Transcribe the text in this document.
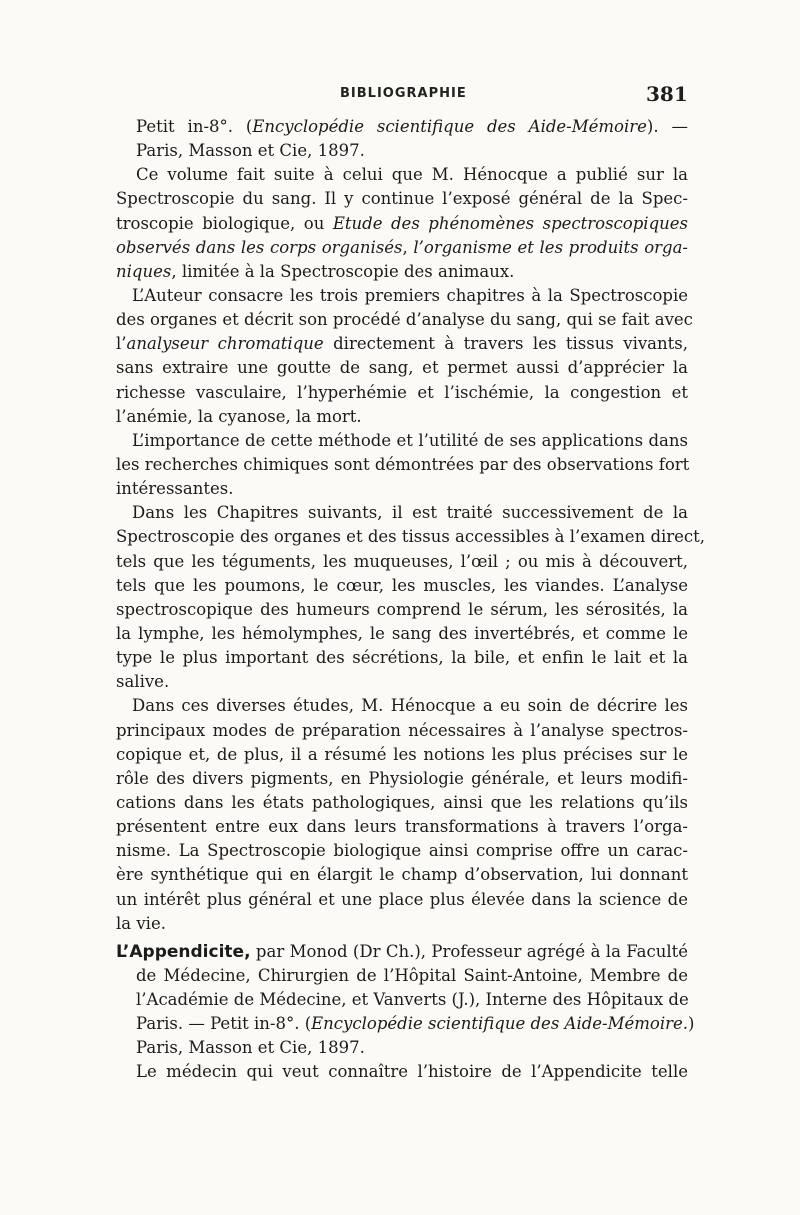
BIBLIOGRAPHIE	381
Petit in-8°. (Encyclopédie scientifique des Aide-Mémoire). —
Paris, Masson et Cie, 1897.
Ce volume fait suite à celui que M. Hénocque a publié sur la
Spectroscopie du sang. Il y continue l’exposé général de la Spec-
troscopie biologique, ou Etude des phénomènes spectroscopiques
observés dans les corps organisés, l’organisme et les produits orga-
niques, limitée à la Spectroscopie des animaux.
L’Auteur consacre les trois premiers chapitres à la Spectroscopie
des organes et décrit son procédé d’analyse du sang, qui se fait avec
l’analyseur chromatique directement à travers les tissus vivants,
sans extraire une goutte de sang, et permet aussi d’apprécier la
richesse vasculaire, l’hyperhémie et l’ischémie, la congestion et
l’anémie, la cyanose, la mort.
L’importance de cette méthode et l’utilité de ses applications dans
les recherches chimiques sont démontrées par des observations fort
intéressantes.
Dans les Chapitres suivants, il est traité successivement de la
Spectroscopie des organes et des tissus accessibles à l’examen direct,
tels que les téguments, les muqueuses, l’œil ; ou mis à découvert,
tels que les poumons, le cœur, les muscles, les viandes. L’analyse
spectroscopique des humeurs comprend le sérum, les sérosités, la
la lymphe, les hémolymphes, le sang des invertébrés, et comme le
type le plus important des sécrétions, la bile, et enfin le lait et la
salive.
Dans ces diverses études, M. Hénocque a eu soin de décrire les
principaux modes de préparation nécessaires à l’analyse spectros-
copique et, de plus, il a résumé les notions les plus précises sur le
rôle des divers pigments, en Physiologie générale, et leurs modifi-
cations dans les états pathologiques, ainsi que les relations qu’ils
présentent entre eux dans leurs transformations à travers l’orga-
nisme. La Spectroscopie biologique ainsi comprise offre un carac-
ère synthétique qui en élargit le champ d’observation, lui donnant
un intérêt plus général et une place plus élevée dans la science de
la vie.
L’Appendicite, par Monod (Dr Ch.), Professeur agrégé à la Faculté
de Médecine, Chirurgien de l’Hôpital Saint-Antoine, Membre de
l’Académie de Médecine, et Vanverts (J.), Interne des Hôpitaux de
Paris. — Petit in-8°. (Encyclopédie scientifique des Aide-Mémoire.)
Paris, Masson et Cie, 1897.
Le médecin qui veut connaître l’histoire de l’Appendicite telle
